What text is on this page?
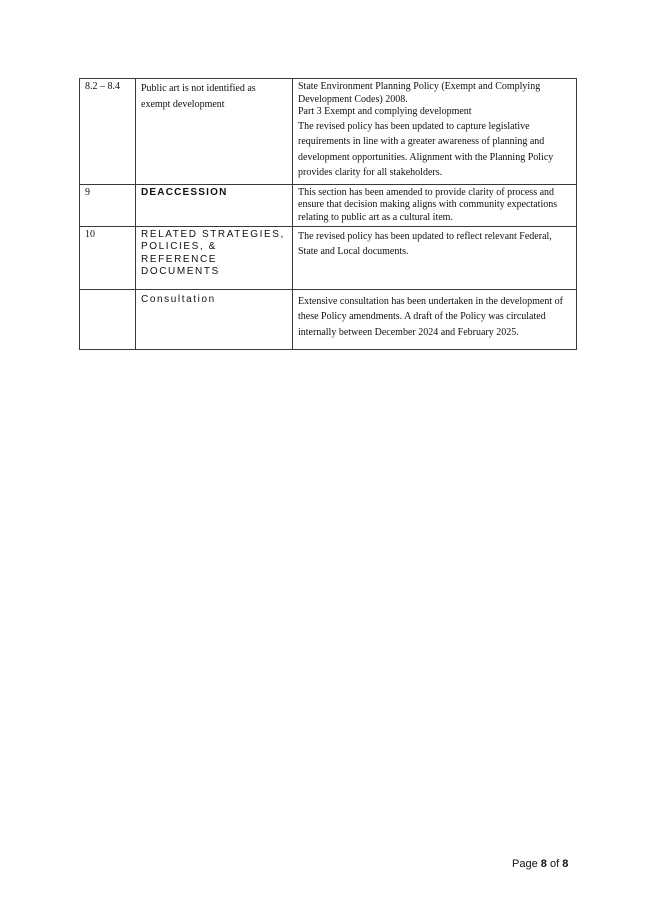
8.2 – 8.4	Public art is not identified as exempt development	State Environment Planning Policy (Exempt and Complying Development Codes) 2008.
Part 3 Exempt and complying development
The revised policy has been updated to capture legislative requirements in line with a greater awareness of planning and development opportunities. Alignment with the Planning Policy provides clarity for all stakeholders.

9	DEACCESSION	This section has been amended to provide clarity of process and ensure that decision making aligns with community expectations relating to public art as a cultural item.

10	RELATED STRATEGIES,
POLICIES, &
REFERENCE
DOCUMENTS	The revised policy has been updated to reflect relevant Federal, State and Local documents.

	Consultation	Extensive consultation has been undertaken in the development of these Policy amendments. A draft of the Policy was circulated internally between December 2024 and February 2025.
Page 8 of 8
